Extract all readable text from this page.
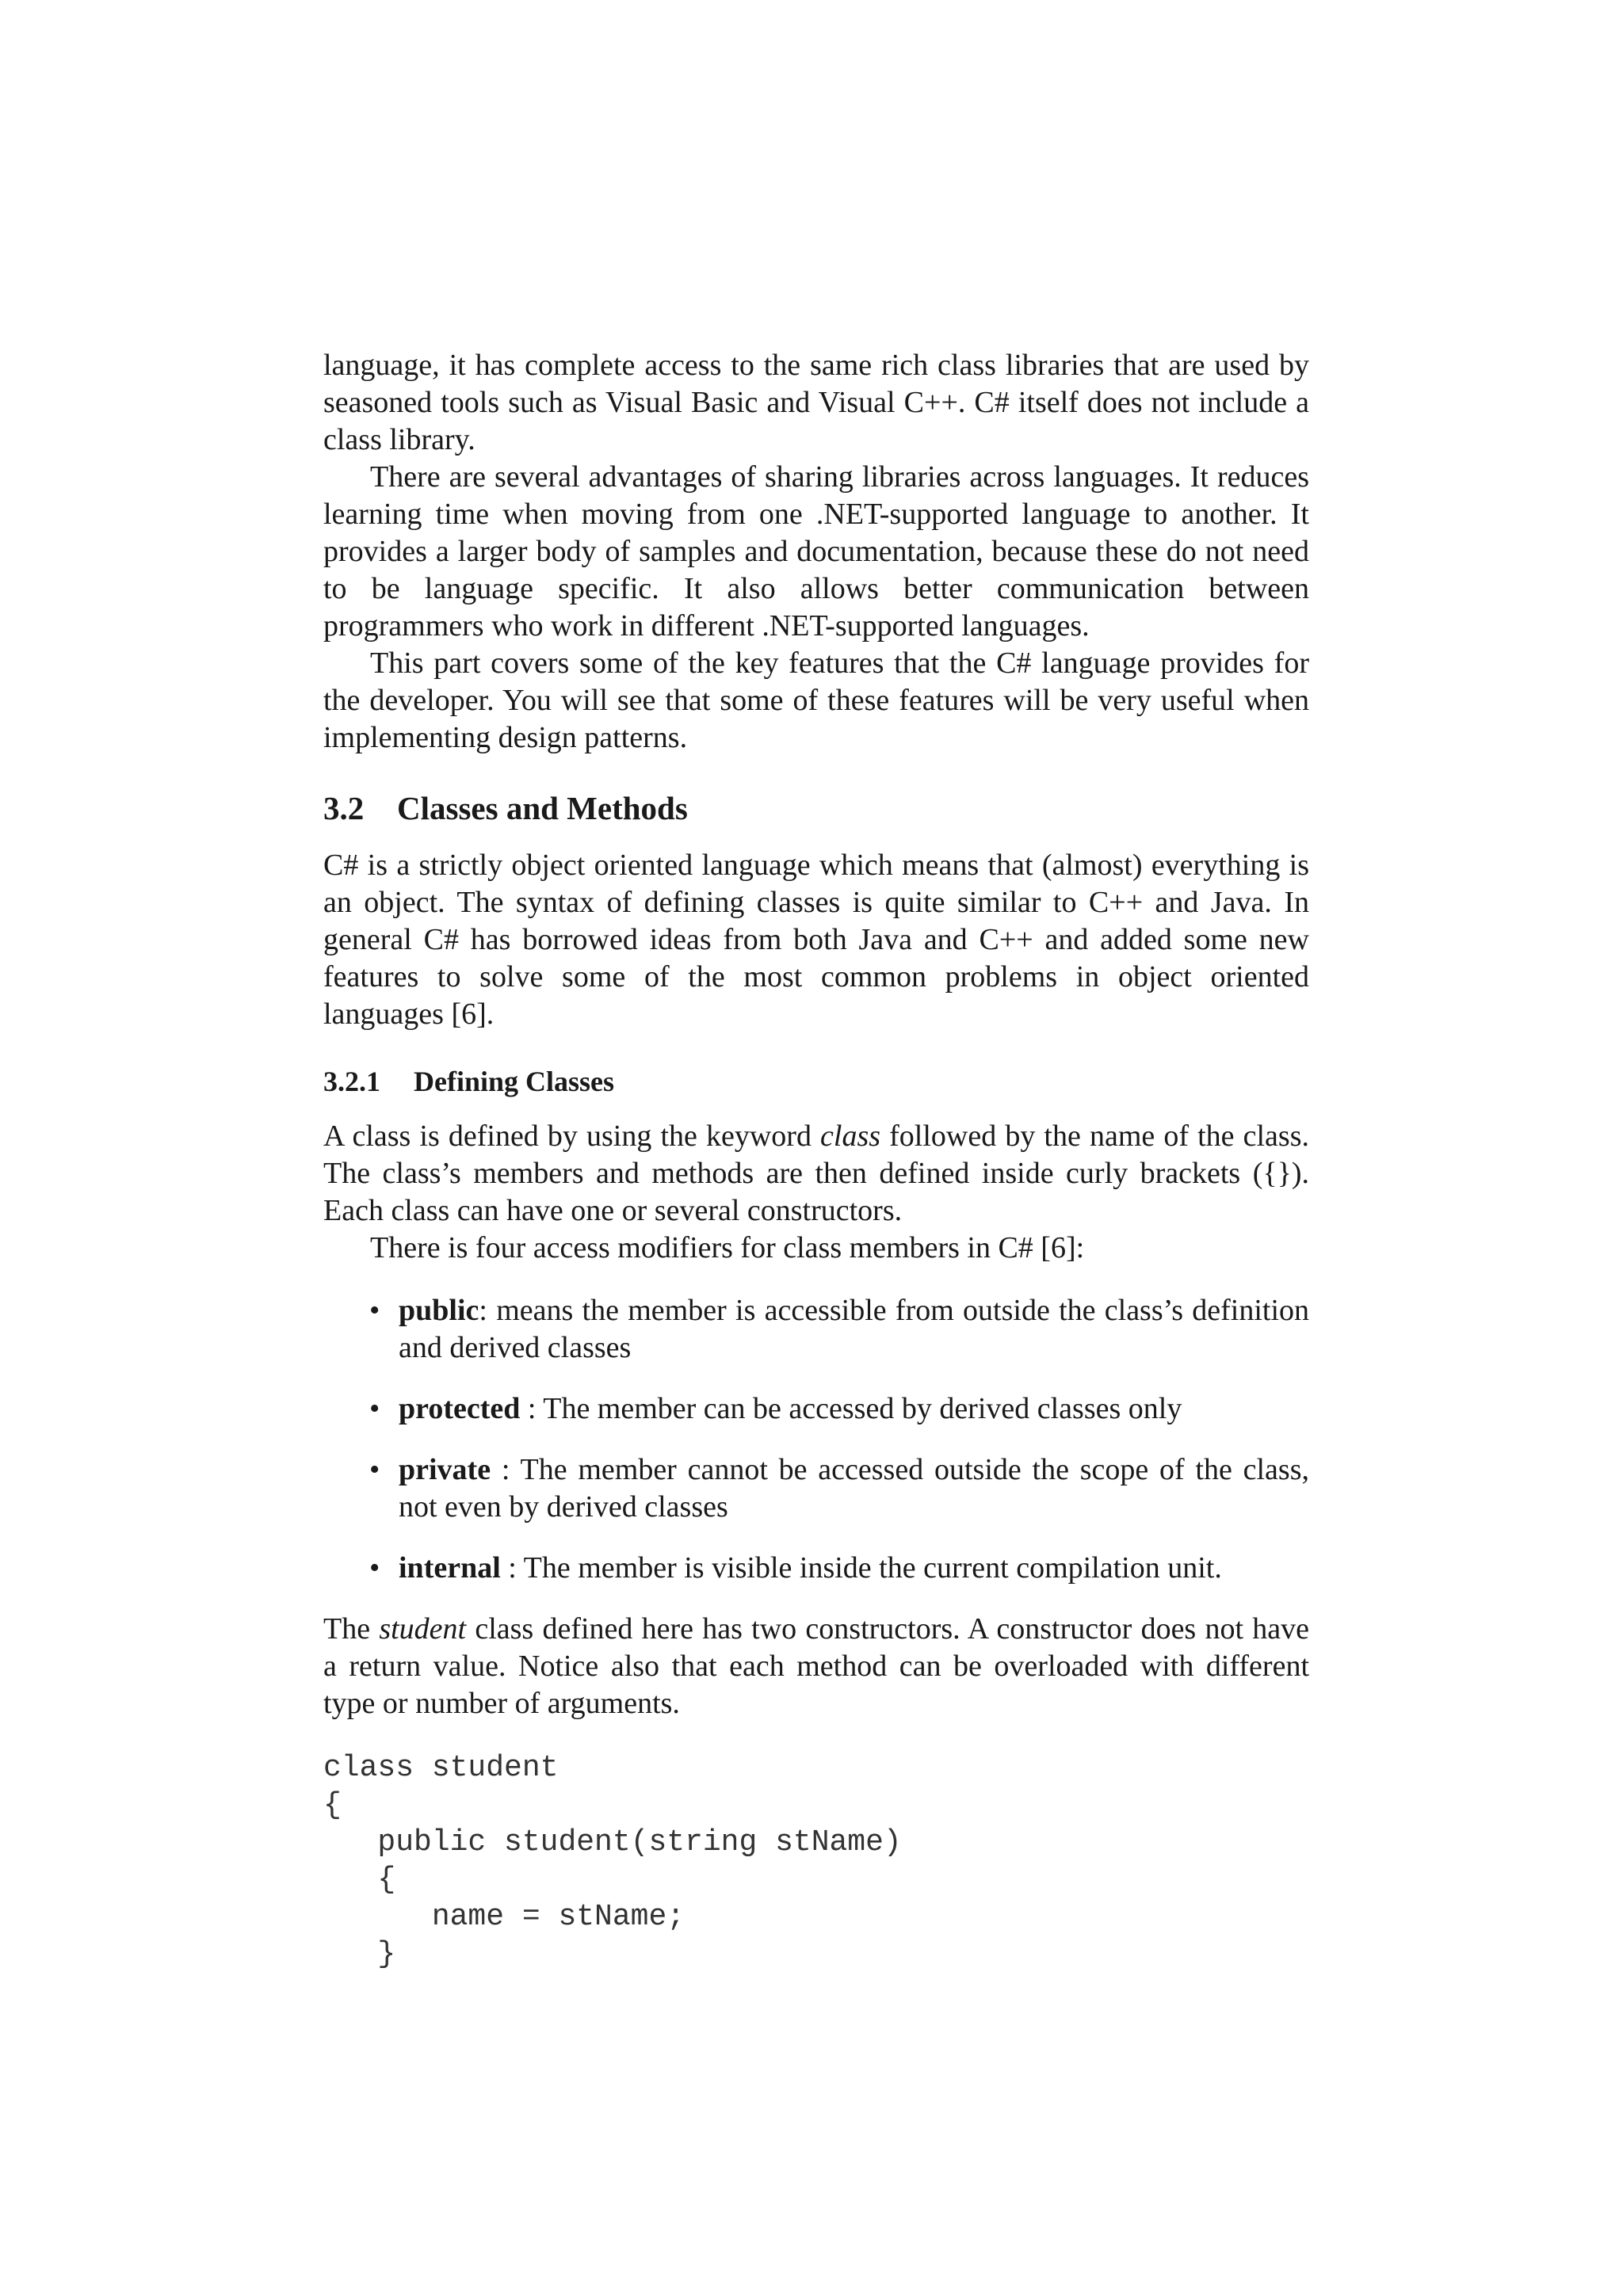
language, it has complete access to the same rich class libraries that are used by seasoned tools such as Visual Basic and Visual C++. C# itself does not include a class library.

There are several advantages of sharing libraries across languages. It reduces learning time when moving from one .NET-supported language to another. It provides a larger body of samples and documentation, because these do not need to be language specific. It also allows better communication between programmers who work in different .NET-supported languages.

This part covers some of the key features that the C# language provides for the developer. You will see that some of these features will be very useful when implementing design patterns.

3.2 Classes and Methods

C# is a strictly object oriented language which means that (almost) everything is an object. The syntax of defining classes is quite similar to C++ and Java. In general C# has borrowed ideas from both Java and C++ and added some new features to solve some of the most common problems in object oriented languages [6].

3.2.1 Defining Classes

A class is defined by using the keyword class followed by the name of the class. The class’s members and methods are then defined inside curly brackets ({}). Each class can have one or several constructors.

There is four access modifiers for class members in C# [6]:

• public: means the member is accessible from outside the class’s definition and derived classes
• protected : The member can be accessed by derived classes only
• private : The member cannot be accessed outside the scope of the class, not even by derived classes
• internal : The member is visible inside the current compilation unit.

The student class defined here has two constructors. A constructor does not have a return value. Notice also that each method can be overloaded with different type or number of arguments.

class student
{
public student(string stName)
{
name = stName;
}
